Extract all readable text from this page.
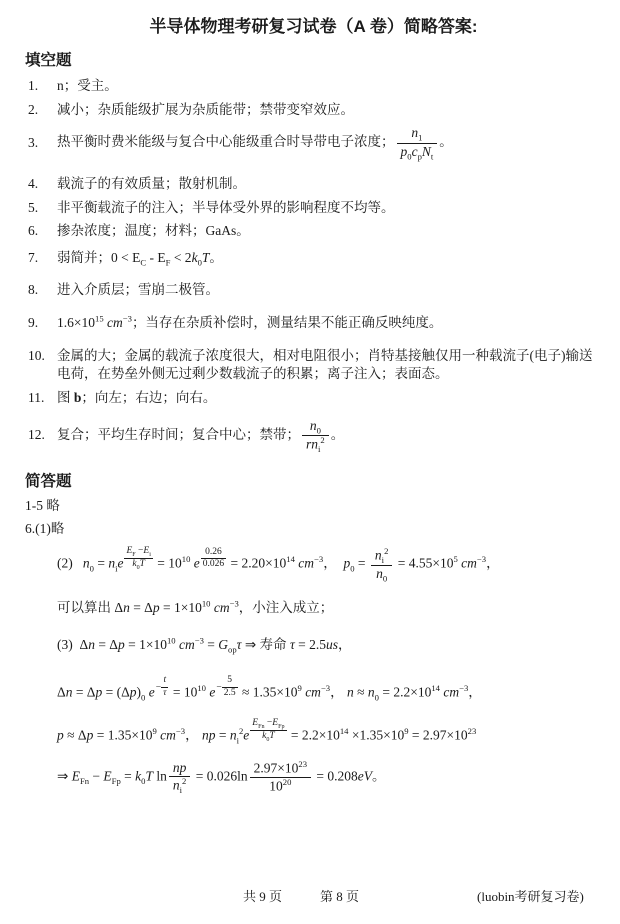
半导体物理考研复习试卷（A 卷）简略答案:
填空题
1.	n；受主。
2.	减小；杂质能级扩展为杂质能带；禁带变窄效应。
3.	热平衡时费米能级与复合中心能级重合时导带电子浓度； $\frac{n_1}{p_0c_pN_t}$ 。
4.	载流子的有效质量；散射机制。
5.	非平衡载流子的注入；半导体受外界的影响程度不均等。
6.	掺杂浓度；温度；材料；GaAs。
7.	弱简并；$0 < E_C - E_F < 2k_0T$。
8.	进入介质层；雪崩二极管。
9.	$1.6\times 10^{15}$ $cm^{-3}$；当存在杂质补偿时，测量结果不能正确反映纯度。
10. 金属的大；金属的载流子浓度很大，相对电阻很小；肖特基接触仅用一种载流子(电子)输送电荷，在势垒外侧无过剩少数载流子的积累；离子注入；表面态。
11. 图 b；向左；右边；向右。
12. 复合；平均生存时间；复合中心；禁带； $\frac{n_0}{rn_i^2}$ 。
简答题
1-5 略
6.(1)略
(2)   $n_0 = n_ie \frac{E_F -E_i}{k_0T} = 10^{10}$ e $\frac{0.26}{0.026} = 2.20\times 10^{14}$ $cm^{-3}$，  $p_0 = \frac{n_i^2}{n_0} = 4.55\times 10^5$ $cm^{-3}$，
可以算出 $\Delta n = \Delta p = 1\times 10^{10}$ $cm^{-3}$，小注入成立；
(3)  $\Delta n = \Delta p = 1\times 10^{10}$ $cm^{-3} = G_{op}\tau$ ⇒ 寿命 τ = 2.5us，
$\Delta n = \Delta p = (\Delta p)_0$ $e- \frac{t}{\tau} = 10^{10}$ $e- \frac{5}{2.5} \approx 1.35\times 10^9$ $cm^{-3}$， $n \approx n_0 = 2.2\times 10^{14}$ $cm^{-3}$，
$p \approx \Delta p = 1.35\times 10^9$ $cm^{-3}$， np = $n_i^2e \frac{E_{Fn} -E_{Fp}}{k_0T} = 2.2\times 10^{14} \times 1.35\times 10^9 = 2.97\times 10^{23}$
⇒ $E_{Fn} - E_{Fp} = k_0T$ $\ln \frac{np}{n_i^2} = 0.026\ln \frac{2.97\times 10^{23}}{10^{20}} = 0.208eV$。
共 9 页	第 8 页	(luobin考研复习卷)
